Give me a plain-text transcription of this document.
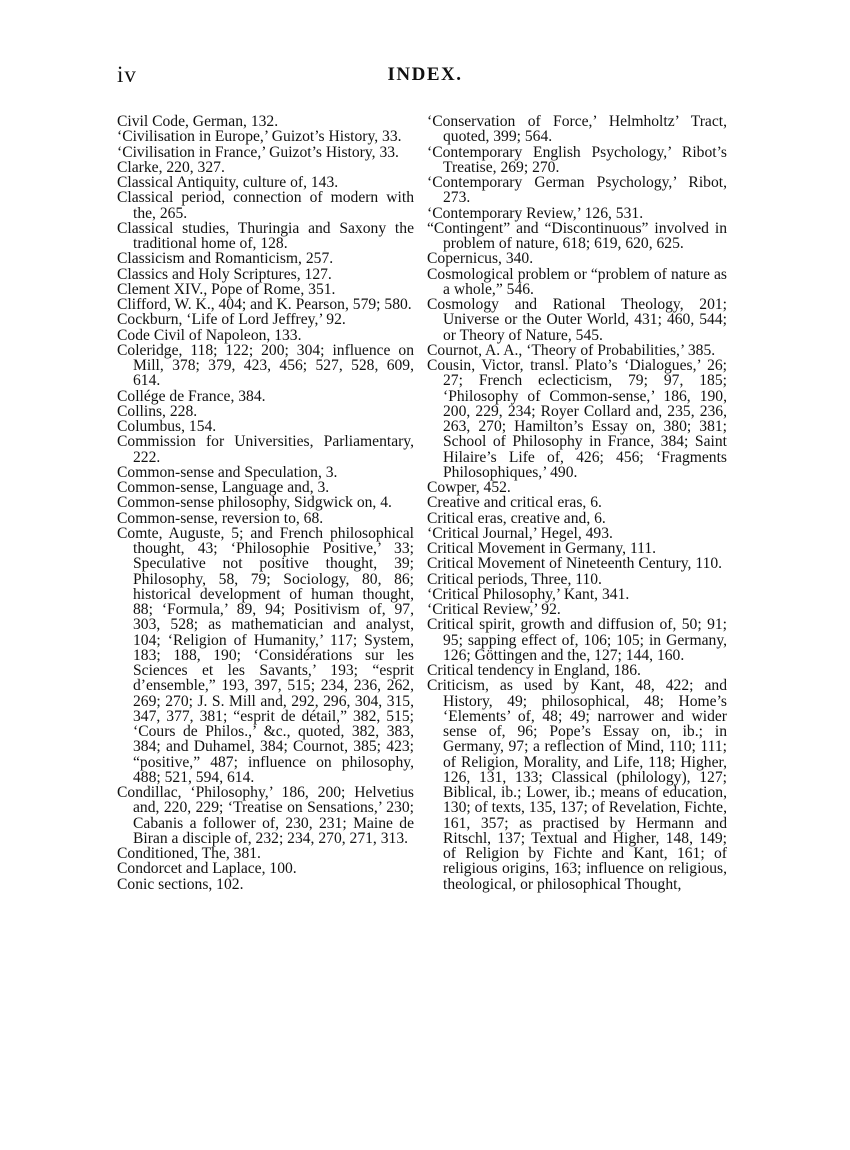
iv	INDEX.

Civil Code, German, 132.

‘Civilisation in Europe,’ Guizot’s History, 33.

‘Civilisation in France,’ Guizot’s History, 33.

Clarke, 220, 327.

Classical Antiquity, culture of, 143.

Classical period, connection of modern with the, 265.

Classical studies, Thuringia and Saxony the traditional home of, 128.

Classicism and Romanticism, 257.

Classics and Holy Scriptures, 127.

Clement XIV., Pope of Rome, 351.

Clifford, W. K., 404; and K. Pearson, 579; 580.

Cockburn, ‘Life of Lord Jeffrey,’ 92.

Code Civil of Napoleon, 133.

Coleridge, 118; 122; 200; 304; influence on Mill, 378; 379, 423, 456; 527, 528, 609, 614.

Collége de France, 384.

Collins, 228.

Columbus, 154.

Commission for Universities, Parliamentary, 222.

Common-sense and Speculation, 3.

Common-sense, Language and, 3.

Common-sense philosophy, Sidgwick on, 4.

Common-sense, reversion to, 68.

Comte, Auguste, 5; and French philosophical thought, 43; ‘Philosophie Positive,’ 33; Speculative not positive thought, 39; Philosophy, 58, 79; Sociology, 80, 86; historical development of human thought, 88; ‘Formula,’ 89, 94; Positivism of, 97, 303, 528; as mathematician and analyst, 104; ‘Religion of Humanity,’ 117; System, 183; 188, 190; ‘Considérations sur les Sciences et les Savants,’ 193; “esprit d’ensemble,” 193, 397, 515; 234, 236, 262, 269; 270; J. S. Mill and, 292, 296, 304, 315, 347, 377, 381; “esprit de détail,” 382, 515; ‘Cours de Philos.,’ &c., quoted, 382, 383, 384; and Duhamel, 384; Cournot, 385; 423; “positive,” 487; influence on philosophy, 488; 521, 594, 614.

Condillac, ‘Philosophy,’ 186, 200; Helvetius and, 220, 229; ‘Treatise on Sensations,’ 230; Cabanis a follower of, 230, 231; Maine de Biran a disciple of, 232; 234, 270, 271, 313.

Conditioned, The, 381.

Condorcet and Laplace, 100.

Conic sections, 102.

‘Conservation of Force,’ Helmholtz’ Tract, quoted, 399; 564.

‘Contemporary English Psychology,’ Ribot’s Treatise, 269; 270.

‘Contemporary German Psychology,’ Ribot, 273.

‘Contemporary Review,’ 126, 531.

“Contingent” and “Discontinuous” involved in problem of nature, 618; 619, 620, 625.

Copernicus, 340.

Cosmological problem or “problem of nature as a whole,” 546.

Cosmology and Rational Theology, 201; Universe or the Outer World, 431; 460, 544; or Theory of Nature, 545.

Cournot, A. A., ‘Theory of Probabilities,’ 385.

Cousin, Victor, transl. Plato’s ‘Dialogues,’ 26; 27; French eclecticism, 79; 97, 185; ‘Philosophy of Common-sense,’ 186, 190, 200, 229, 234; Royer Collard and, 235, 236, 263, 270; Hamilton’s Essay on, 380; 381; School of Philosophy in France, 384; Saint Hilaire’s Life of, 426; 456; ‘Fragments Philosophiques,’ 490.

Cowper, 452.

Creative and critical eras, 6.

Critical eras, creative and, 6.

‘Critical Journal,’ Hegel, 493.

Critical Movement in Germany, 111.

Critical Movement of Nineteenth Century, 110.

Critical periods, Three, 110.

‘Critical Philosophy,’ Kant, 341.

‘Critical Review,’ 92.

Critical spirit, growth and diffusion of, 50; 91; 95; sapping effect of, 106; 105; in Germany, 126; Göttingen and the, 127; 144, 160.

Critical tendency in England, 186.

Criticism, as used by Kant, 48, 422; and History, 49; philosophical, 48; Home’s ‘Elements’ of, 48; 49; narrower and wider sense of, 96; Pope’s Essay on, ib.; in Germany, 97; a reflection of Mind, 110; 111; of Religion, Morality, and Life, 118; Higher, 126, 131, 133; Classical (philology), 127; Biblical, ib.; Lower, ib.; means of education, 130; of texts, 135, 137; of Revelation, Fichte, 161, 357; as practised by Hermann and Ritschl, 137; Textual and Higher, 148, 149; of Religion by Fichte and Kant, 161; of religious origins, 163; influence on religious, theological, or philosophical Thought,
